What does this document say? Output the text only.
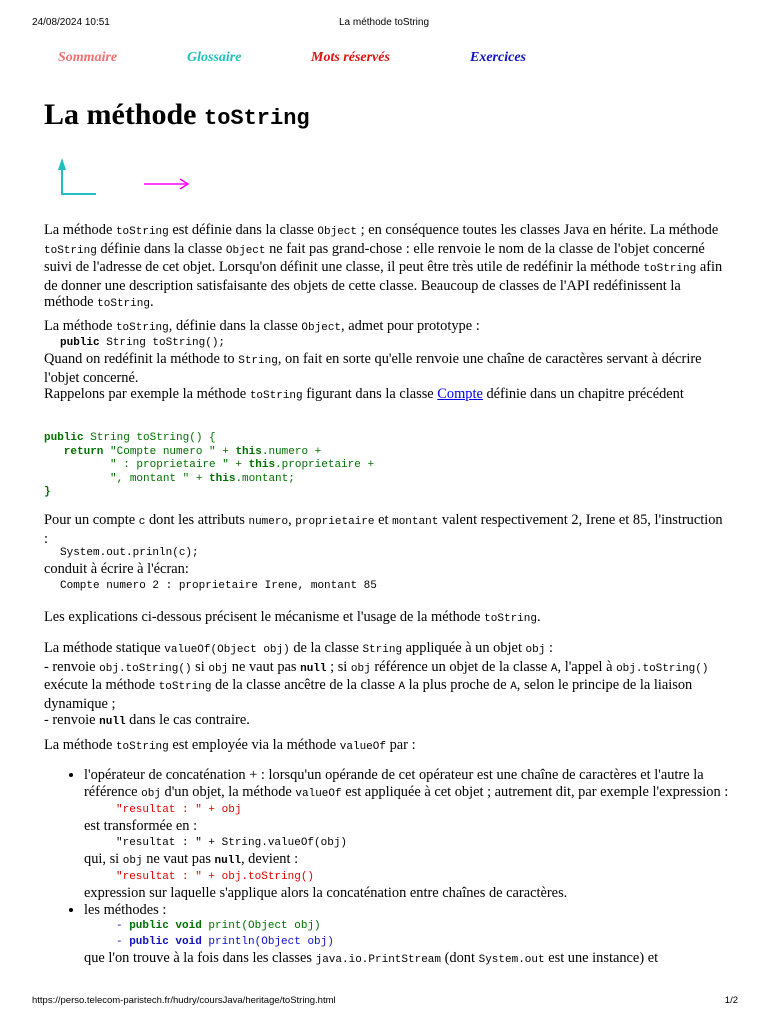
24/08/2024 10:51	La méthode toString
Sommaire	Glossaire	Mots réservés	Exercices
La méthode toString

La méthode toString est définie dans la classe Object ; en conséquence toutes les classes Java en hérite. La méthode toString définie dans la classe Object ne fait pas grand-chose : elle renvoie le nom de la classe de l'objet concerné suivi de l'adresse de cet objet. Lorsqu'on définit une classe, il peut être très utile de redéfinir la méthode toString afin de donner une description satisfaisante des objets de cette classe. Beaucoup de classes de l'API redéfinissent la méthode toString.

La méthode toString, définie dans la classe Object, admet pour prototype :

public String toString();

Quand on redéfinit la méthode to String, on fait en sorte qu'elle renvoie une chaîne de caractères servant à décrire l'objet concerné.
Rappelons par exemple la méthode toString figurant dans la classe Compte définie dans un chapitre précédent

public String toString() {
return "Compte numero " + this.numero +
" : proprietaire " + this.proprietaire +
", montant " + this.montant;
}

Pour un compte c dont les attributs numero, proprietaire et montant valent respectivement 2, Irene et 85, l'instruction :

System.out.prinln(c);

conduit à écrire à l'écran:

Compte numero 2 : proprietaire Irene, montant 85

Les explications ci-dessous précisent le mécanisme et l'usage de la méthode toString.

La méthode statique valueOf(Object obj) de la classe String appliquée à un objet obj :
- renvoie obj.toString() si obj ne vaut pas null ; si obj référence un objet de la classe A, l'appel à obj.toString() exécute la méthode toString de la classe ancêtre de la classe A la plus proche de A, selon le principe de la liaison dynamique ;
- renvoie null dans le cas contraire.

La méthode toString est employée via la méthode valueOf par :

• l'opérateur de concaténation + : lorsqu'un opérande de cet opérateur est une chaîne de caractères et l'autre la référence obj d'un objet, la méthode valueOf est appliquée à cet objet ; autrement dit, par exemple l'expression :
"resultat : " + obj
est transformée en :
"resultat : " + String.valueOf(obj)
qui, si obj ne vaut pas null, devient :
"resultat : " + obj.toString()
expression sur laquelle s'applique alors la concaténation entre chaînes de caractères.
• les méthodes :
- public void print(Object obj)
- public void println(Object obj)
que l'on trouve à la fois dans les classes java.io.PrintStream (dont System.out est une instance) et
https://perso.telecom-paristech.fr/hudry/coursJava/heritage/toString.html	1/2
